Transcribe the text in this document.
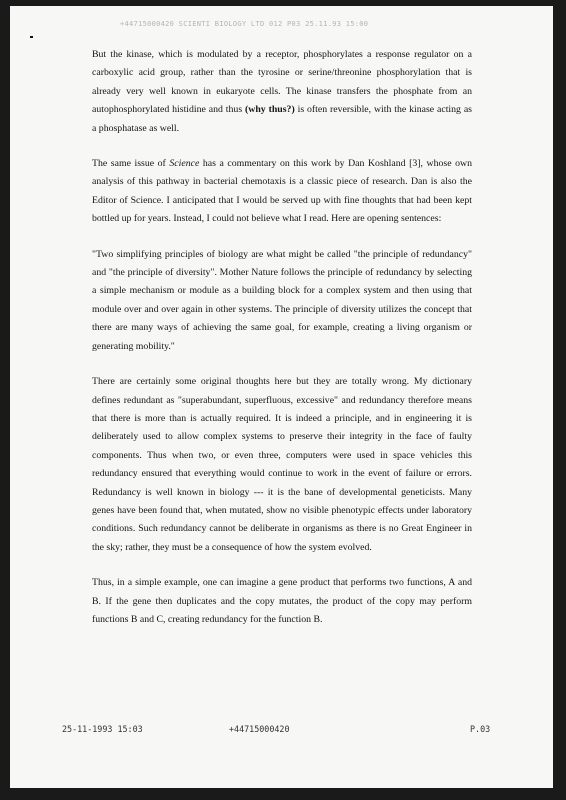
+44715000420 SCIENTI BIOLOGY LTD 012 P03 25.11.93 15:00

But the kinase, which is modulated by a receptor, phosphorylates a response regulator on a carboxylic acid group, rather than the tyrosine or serine/threonine phosphorylation that is already very well known in eukaryote cells. The kinase transfers the phosphate from an autophosphorylated histidine and thus (why thus?) is often reversible, with the kinase acting as a phosphatase as well.

The same issue of Science has a commentary on this work by Dan Koshland [3], whose own analysis of this pathway in bacterial chemotaxis is a classic piece of research. Dan is also the Editor of Science. I anticipated that I would be served up with fine thoughts that had been kept bottled up for years. Instead, I could not believe what I read. Here are opening sentences:

"Two simplifying principles of biology are what might be called "the principle of redundancy" and "the principle of diversity". Mother Nature follows the principle of redundancy by selecting a simple mechanism or module as a building block for a complex system and then using that module over and over again in other systems. The principle of diversity utilizes the concept that there are many ways of achieving the same goal, for example, creating a living organism or generating mobility."

There are certainly some original thoughts here but they are totally wrong. My dictionary defines redundant as "superabundant, superfluous, excessive" and redundancy therefore means that there is more than is actually required. It is indeed a principle, and in engineering it is deliberately used to allow complex systems to preserve their integrity in the face of faulty components. Thus when two, or even three, computers were used in space vehicles this redundancy ensured that everything would continue to work in the event of failure or errors. Redundancy is well known in biology --- it is the bane of developmental geneticists. Many genes have been found that, when mutated, show no visible phenotypic effects under laboratory conditions. Such redundancy cannot be deliberate in organisms as there is no Great Engineer in the sky; rather, they must be a consequence of how the system evolved.

Thus, in a simple example, one can imagine a gene product that performs two functions, A and B. If the gene then duplicates and the copy mutates, the product of the copy may perform functions B and C, creating redundancy for the function B.

25-11-1993 15:03	+44715000420	P.03
